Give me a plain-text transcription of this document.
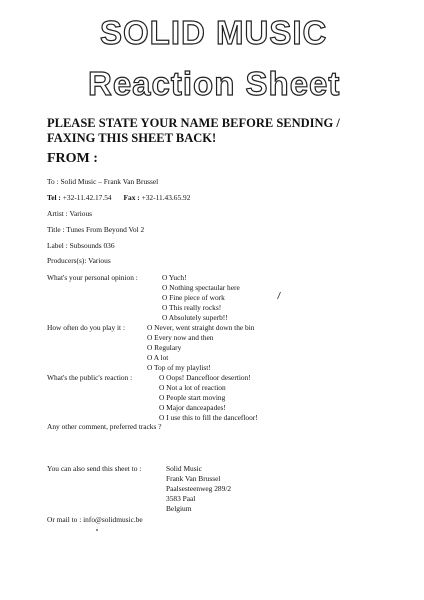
SOLID MUSIC
Reaction Sheet
PLEASE STATE YOUR NAME BEFORE SENDING / FAXING THIS SHEET BACK!
FROM :
To : Solid Music – Frank Van Brussel
Tel : +32-11.42.17.54 Fax : +32-11.43.65.92
Artist : Various
Title : Tunes From Beyond Vol 2
Label : Subsounds 036
Producers(s): Various
What's your personal opinion :	O Yuch!
O Nothing spectaular here
O Fine piece of work
O This really rocks!
O Absolutely superb!!
How often do you play it :	O Never, went straight down the bin
O Every now and then
O Regulary
O A lot
O Top of my playlist!
What's the public's reaction :	O Oops! Dancefloor desertion!
O Not a lot of reaction
O People start moving
O Major danceapades!
O I use this to fill the dancefloor!
Any other comment, preferred tracks ?
You can also send this sheet to :	Solid Music
Frank Van Brussel
Paalsesteenweg 289/2
3583 Paal
Belgium
Or mail to : info@solidmusic.be
